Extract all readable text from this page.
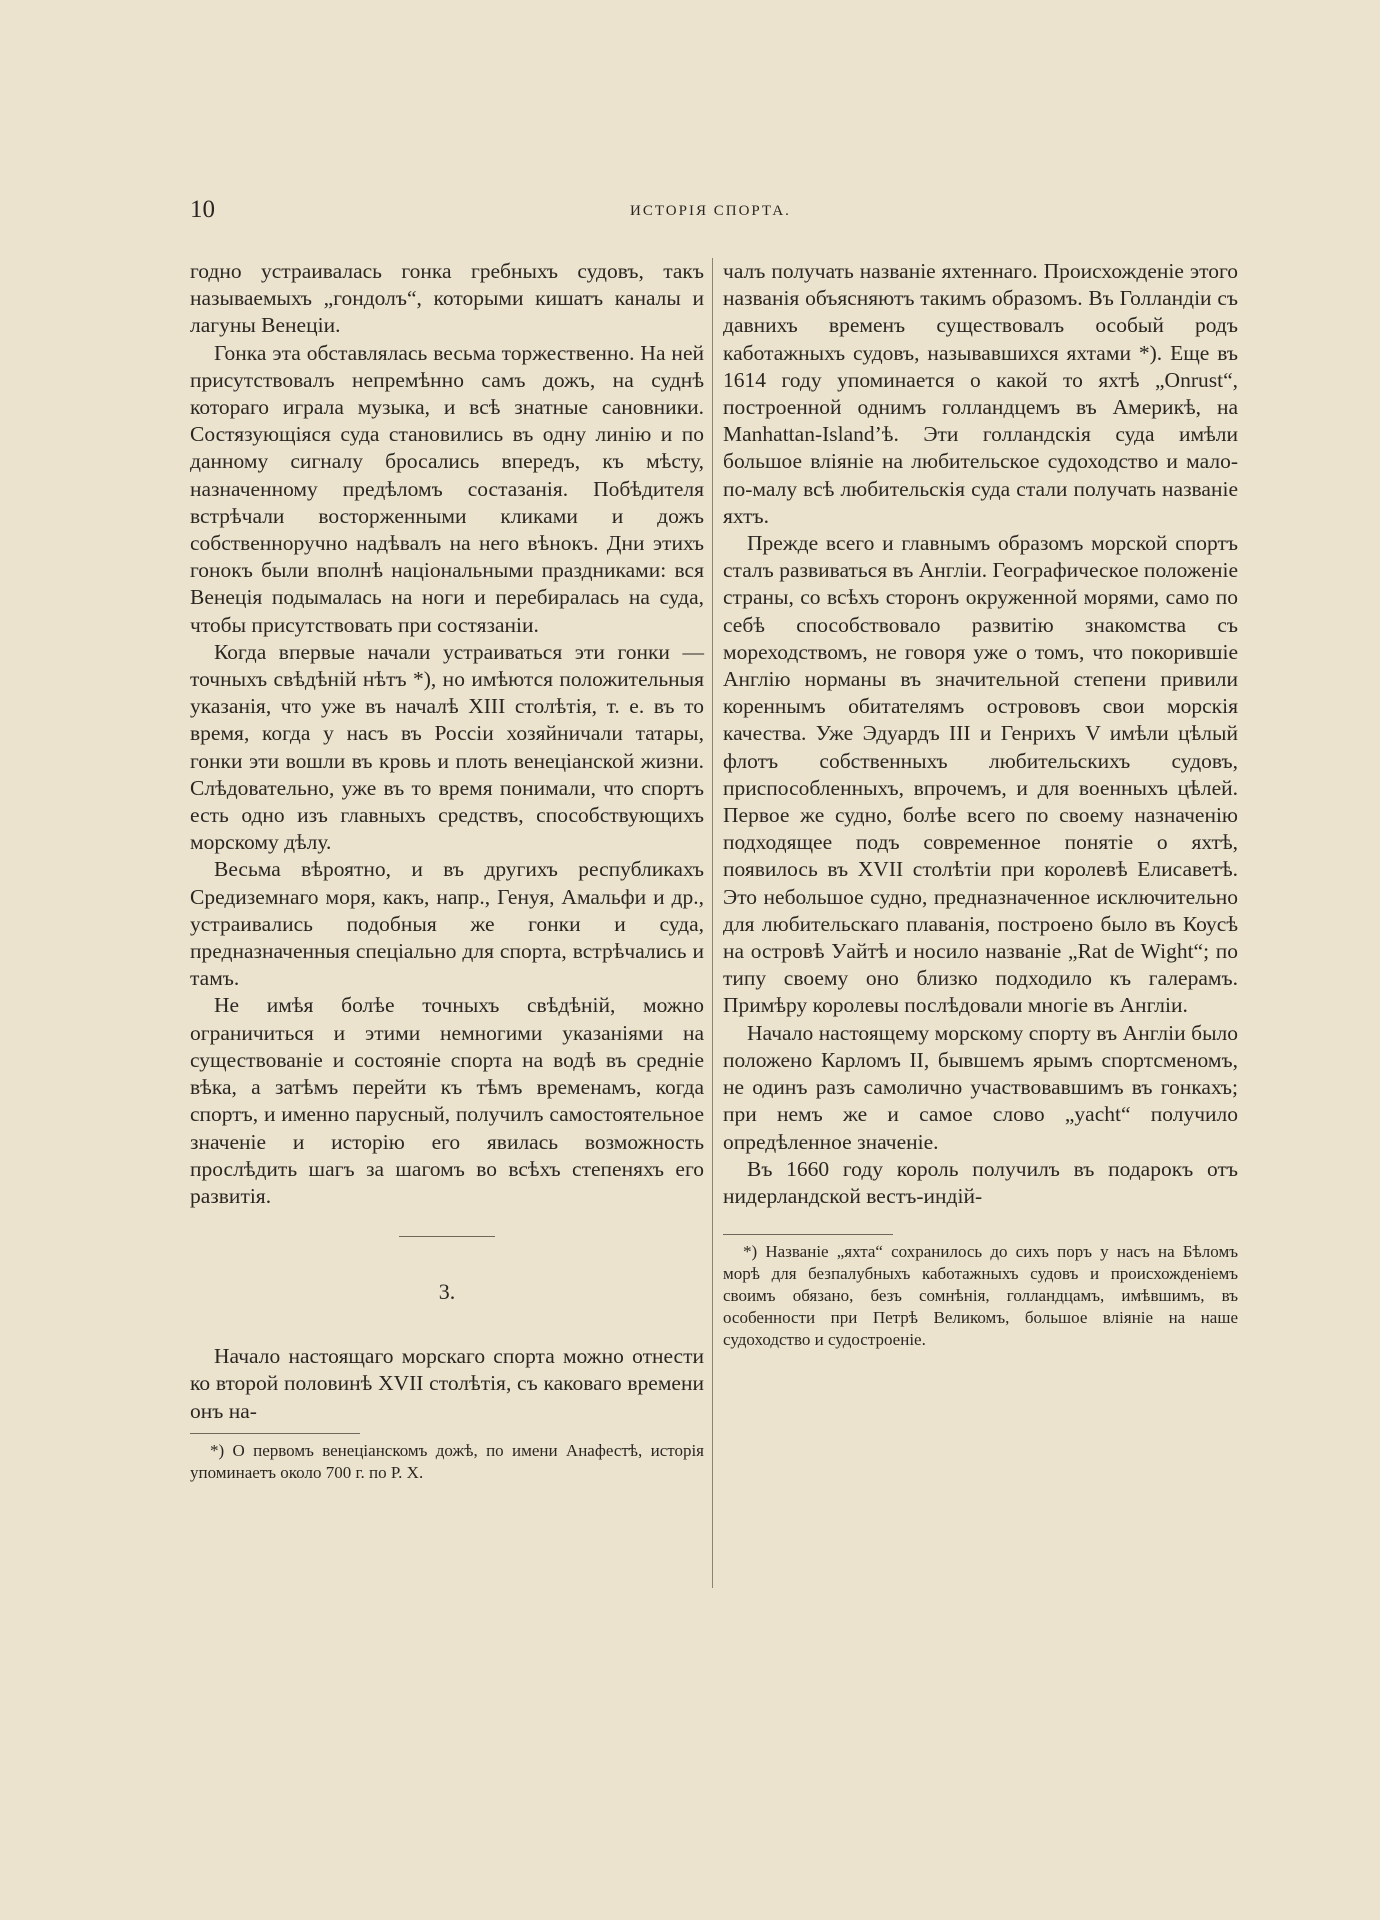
10	ИСТОРІЯ СПОРТА.

годно устраивалась гонка гребныхъ судовъ, такъ называемыхъ „гондолъ“, которыми кишатъ каналы и лагуны Венеціи.

Гонка эта обставлялась весьма торжественно. На ней присутствовалъ непремѣнно самъ дожъ, на суднѣ котораго играла музыка, и всѣ знатные сановники. Состязующіяся суда становились въ одну линію и по данному сигналу бросались впередъ, къ мѣсту, назначенному предѣломъ состазанія. Побѣдителя встрѣчали восторженными кликами и дожъ собственноручно надѣвалъ на него вѣнокъ. Дни этихъ гонокъ были вполнѣ національными праздниками: вся Венеція подымалась на ноги и перебиралась на суда, чтобы присутствовать при состязаніи.

Когда впервые начали устраиваться эти гонки — точныхъ свѣдѣній нѣтъ *), но имѣются положительныя указанія, что уже въ началѣ XIII столѣтія, т. е. въ то время, когда у насъ въ Россіи хозяйничали татары, гонки эти вошли въ кровь и плоть венеціанской жизни. Слѣдовательно, уже въ то время понимали, что спортъ есть одно изъ главныхъ средствъ, способствующихъ морскому дѣлу.

Весьма вѣроятно, и въ другихъ республикахъ Средиземнаго моря, какъ, напр., Генуя, Амальфи и др., устраивались подобныя же гонки и суда, предназначенныя спеціально для спорта, встрѣчались и тамъ.

Не имѣя болѣе точныхъ свѣдѣній, можно ограничиться и этими немногими указаніями на существованіе и состояніе спорта на водѣ въ средніе вѣка, а затѣмъ перейти къ тѣмъ временамъ, когда спортъ, и именно парусный, получилъ самостоятельное значеніе и исторію его явилась возможность прослѣдить шагъ за шагомъ во всѣхъ степеняхъ его развитія.

3.

Начало настоящаго морскаго спорта можно отнести ко второй половинѣ XVII столѣтія, съ каковаго времени онъ на-

*) О первомъ венеціанскомъ дожѣ, по имени Анафестѣ, исторія упоминаетъ около 700 г. по Р. Х.

чалъ получать названіе яхтеннаго. Происхожденіе этого названія объясняютъ такимъ образомъ. Въ Голландіи съ давнихъ временъ существовалъ особый родъ каботажныхъ судовъ, называвшихся яхтами *). Еще въ 1614 году упоминается о какой то яхтѣ „Onrust“, построенной однимъ голландцемъ въ Америкѣ, на Manhattan-Island’ѣ. Эти голландскія суда имѣли большое вліяніе на любительское судоходство и мало-по-малу всѣ любительскія суда стали получать названіе яхтъ.

Прежде всего и главнымъ образомъ морской спортъ сталъ развиваться въ Англіи. Географическое положеніе страны, со всѣхъ сторонъ окруженной морями, само по себѣ способствовало развитію знакомства съ мореходствомъ, не говоря уже о томъ, что покорившіе Англію норманы въ значительной степени привили кореннымъ обитателямъ острововъ свои морскія качества. Уже Эдуардъ III и Генрихъ V имѣли цѣлый флотъ собственныхъ любительскихъ судовъ, приспособленныхъ, впрочемъ, и для военныхъ цѣлей. Первое же судно, болѣе всего по своему назначенію подходящее подъ современное понятіе о яхтѣ, появилось въ XVII столѣтіи при королевѣ Елисаветѣ. Это небольшое судно, предназначенное исключительно для любительскаго плаванія, построено было въ Коусѣ на островѣ Уайтѣ и носило названіе „Rat de Wight“; по типу своему оно близко подходило къ галерамъ. Примѣру королевы послѣдовали многіе въ Англіи.

Начало настоящему морскому спорту въ Англіи было положено Карломъ II, бывшемъ ярымъ спортсменомъ, не одинъ разъ самолично участвовавшимъ въ гонкахъ; при немъ же и самое слово „yacht“ получило опредѣленное значеніе.

Въ 1660 году король получилъ въ подарокъ отъ нидерландской вестъ-индій-

*) Названіе „яхта“ сохранилось до сихъ поръ у насъ на Бѣломъ морѣ для безпалубныхъ каботажныхъ судовъ и происхожденіемъ своимъ обязано, безъ сомнѣнія, голландцамъ, имѣвшимъ, въ особенности при Петрѣ Великомъ, большое вліяніе на наше судоходство и судостроеніе.
